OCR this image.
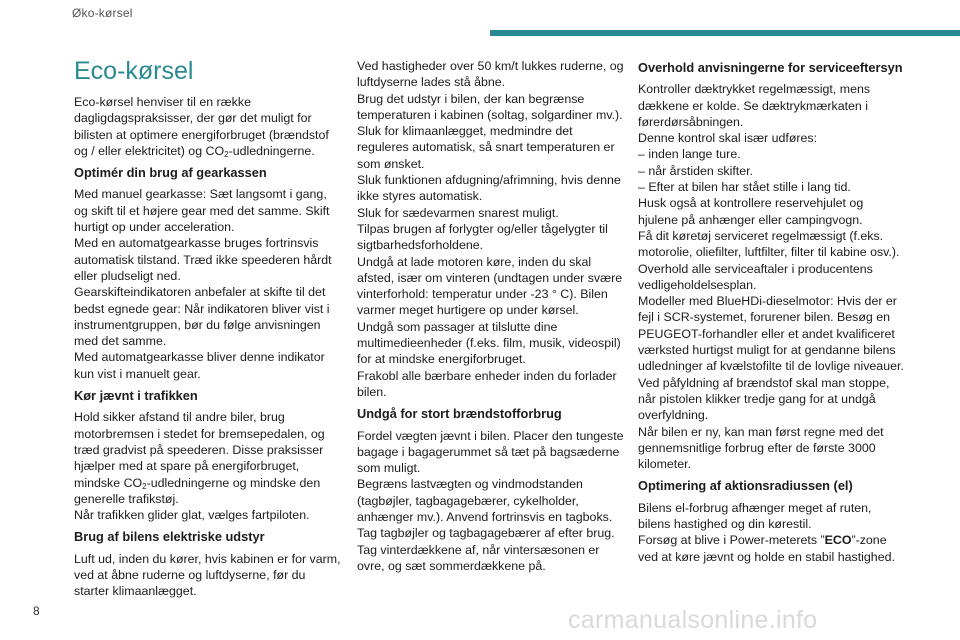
Øko-kørsel
Eco-kørsel

Eco-kørsel henviser til en række dagligdagspraksisser, der gør det muligt for bilisten at optimere energiforbruget (brændstof og / eller elektricitet) og $CO_2$-udledningerne.

Optimér din brug af gearkassen

Med manuel gearkasse: Sæt langsomt i gang, og skift til et højere gear med det samme. Skift hurtigt op under acceleration.
Med en automatgearkasse bruges fortrinsvis automatisk tilstand. Træd ikke speederen hårdt eller pludseligt ned.
Gearskifteindikatoren anbefaler at skifte til det bedst egnede gear: Når indikatoren bliver vist i instrumentgruppen, bør du følge anvisningen med det samme.
Med automatgearkasse bliver denne indikator kun vist i manuelt gear.

Kør jævnt i trafikken

Hold sikker afstand til andre biler, brug motorbremsen i stedet for bremsepedalen, og træd gradvist på speederen. Disse praksisser hjælper med at spare på energiforbruget, mindske $CO_2$-udledningerne og mindske den generelle trafikstøj.
Når trafikken glider glat, vælges fartpiloten.

Brug af bilens elektriske udstyr

Luft ud, inden du kører, hvis kabinen er for varm, ved at åbne ruderne og luftdyserne, før du starter klimaanlægget.

Ved hastigheder over 50 km/t lukkes ruderne, og luftdyserne lades stå åbne.
Brug det udstyr i bilen, der kan begrænse temperaturen i kabinen (soltag, solgardiner mv.).
Sluk for klimaanlægget, medmindre det reguleres automatisk, så snart temperaturen er som ønsket.
Sluk funktionen afdugning/afrimning, hvis denne ikke styres automatisk.
Sluk for sædevarmen snarest muligt.
Tilpas brugen af forlygter og/eller tågelygter til sigtbarhedsforholdene.
Undgå at lade motoren køre, inden du skal afsted, især om vinteren (undtagen under svære vinterforhold: temperatur under -23 ° C). Bilen varmer meget hurtigere op under kørsel.
Undgå som passager at tilslutte dine multimedieenheder (f.eks. film, musik, videospil) for at mindske energiforbruget.
Frakobl alle bærbare enheder inden du forlader bilen.

Undgå for stort brændstofforbrug

Fordel vægten jævnt i bilen. Placer den tungeste bagage i bagagerummet så tæt på bagsæderne som muligt.
Begræns lastvægten og vindmodstanden (tagbøjler, tagbagagebærer, cykelholder, anhænger mv.). Anvend fortrinsvis en tagboks.
Tag tagbøjler og tagbagagebærer af efter brug.
Tag vinterdækkene af, når vintersæsonen er ovre, og sæt sommerdækkene på.

Overhold anvisningerne for serviceeftersyn

Kontroller dæktrykket regelmæssigt, mens dækkene er kolde. Se dæktrykmærkaten i førerdørsåbningen.
Denne kontrol skal især udføres:
– inden lange ture.
– når årstiden skifter.
– Efter at bilen har stået stille i lang tid.
Husk også at kontrollere reservehjulet og hjulene på anhænger eller campingvogn.
Få dit køretøj serviceret regelmæssigt (f.eks. motorolie, oliefilter, luftfilter, filter til kabine osv.). Overhold alle serviceaftaler i producentens vedligeholdelsesplan.
Modeller med BlueHDi-dieselmotor: Hvis der er fejl i SCR-systemet, forurener bilen. Besøg en PEUGEOT-forhandler eller et andet kvalificeret værksted hurtigst muligt for at gendanne bilens udledninger af kvælstofilte til de lovlige niveauer.
Ved påfyldning af brændstof skal man stoppe, når pistolen klikker tredje gang for at undgå overfyldning.
Når bilen er ny, kan man først regne med det gennemsnitlige forbrug efter de første 3000 kilometer.

Optimering af aktionsradiussen (el)

Bilens el-forbrug afhænger meget af ruten, bilens hastighed og din kørestil.
Forsøg at blive i Power-meterets ”ECO”-zone ved at køre jævnt og holde en stabil hastighed.

8	carmanualsonline.info
